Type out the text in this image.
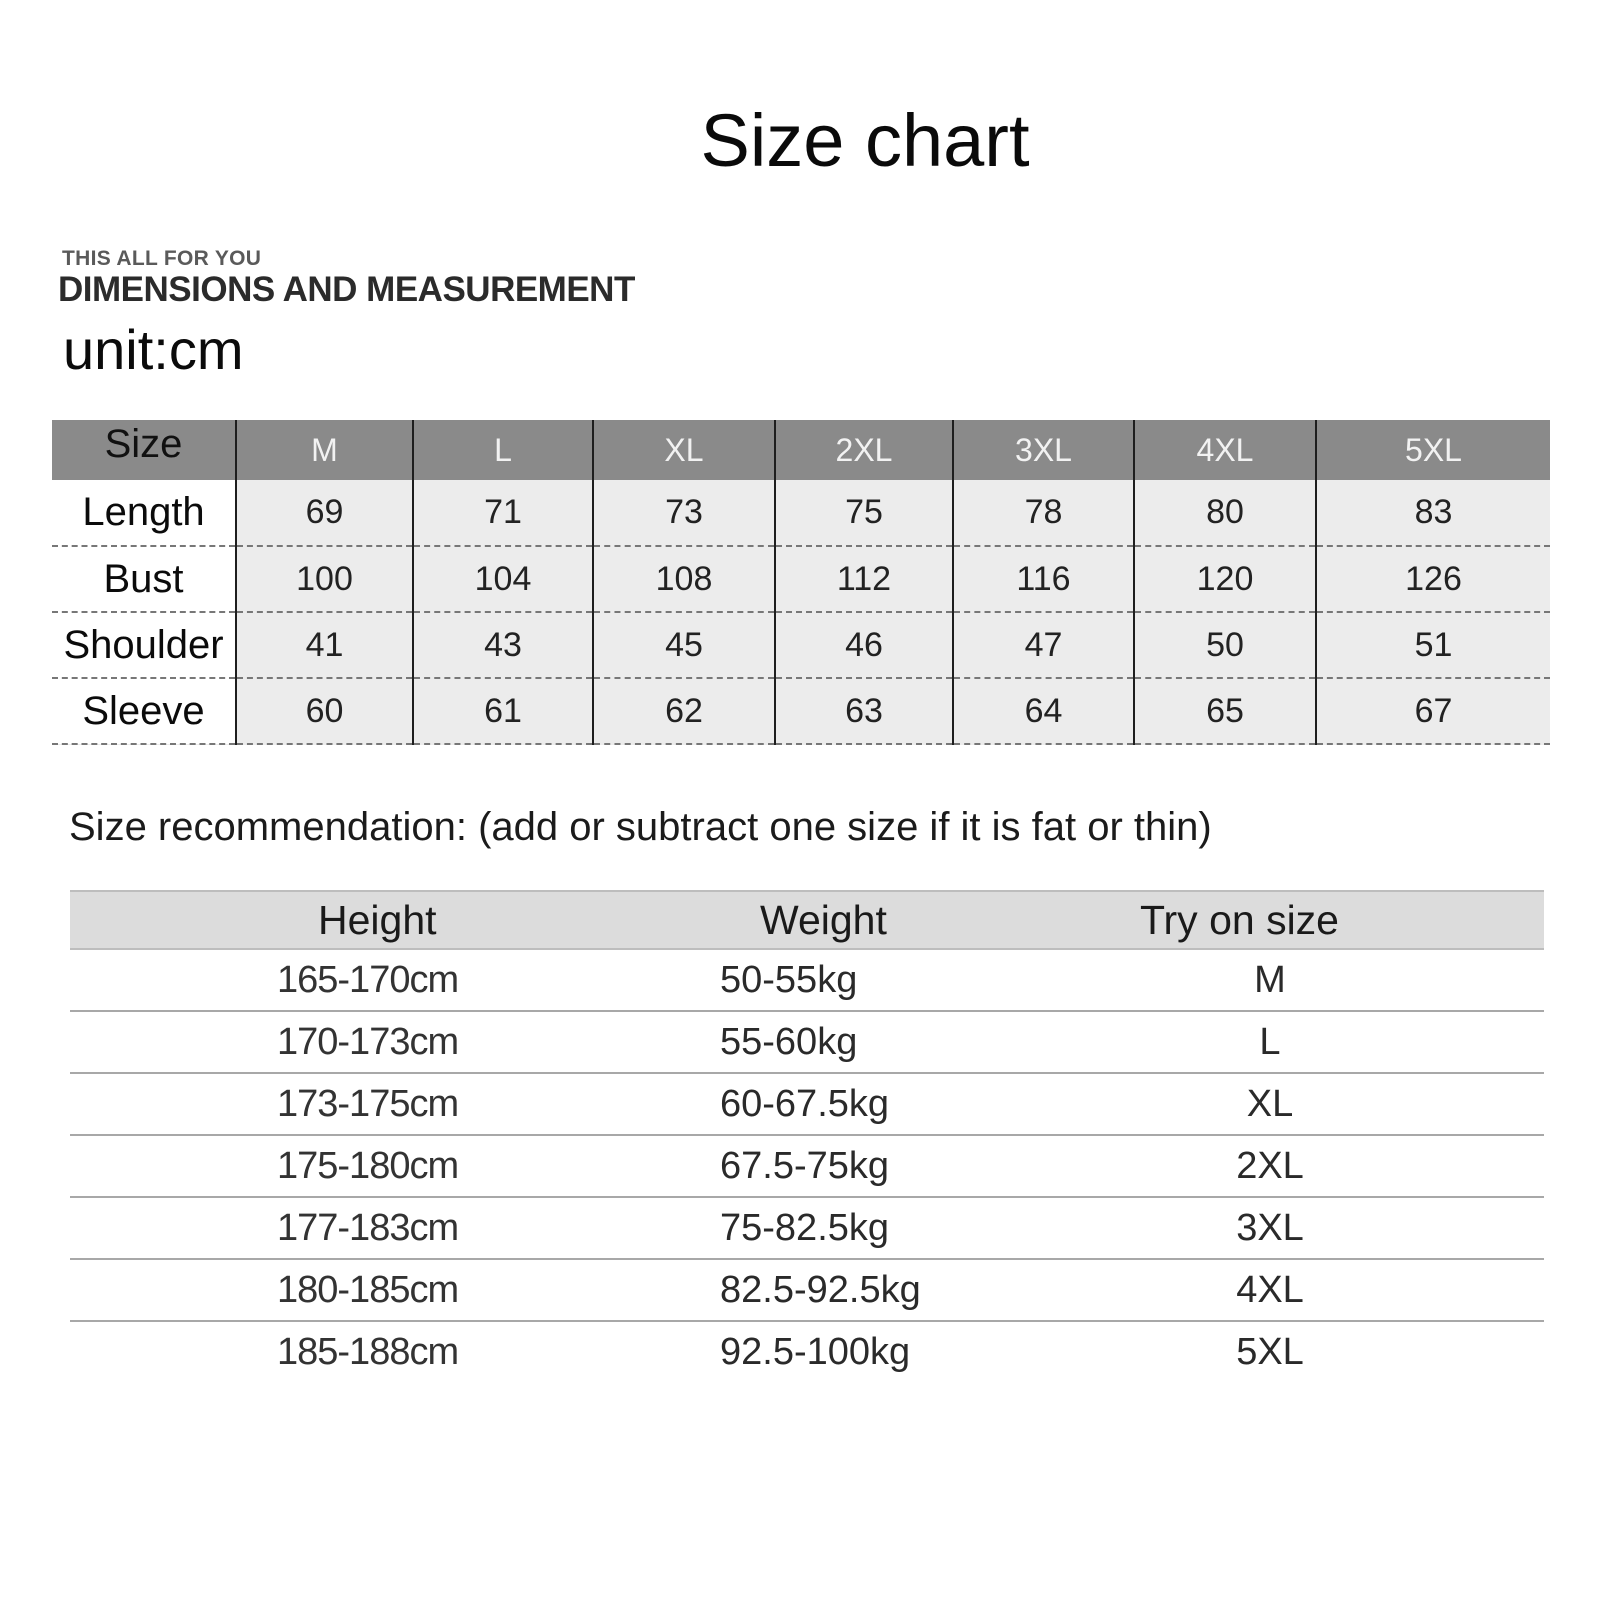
Size chart
THIS ALL FOR YOU
DIMENSIONS AND MEASUREMENT
unit:cm
Size	M	L	XL	2XL	3XL	4XL	5XL
Length	69	71	73	75	78	80	83
Bust	100	104	108	112	116	120	126
Shoulder	41	43	45	46	47	50	51
Sleeve	60	61	62	63	64	65	67
Size recommendation: (add or subtract one size if it is fat or thin)
Height	Weight	Try on size
165-170cm	50-55kg	M
170-173cm	55-60kg	L
173-175cm	60-67.5kg	XL
175-180cm	67.5-75kg	2XL
177-183cm	75-82.5kg	3XL
180-185cm	82.5-92.5kg	4XL
185-188cm	92.5-100kg	5XL
